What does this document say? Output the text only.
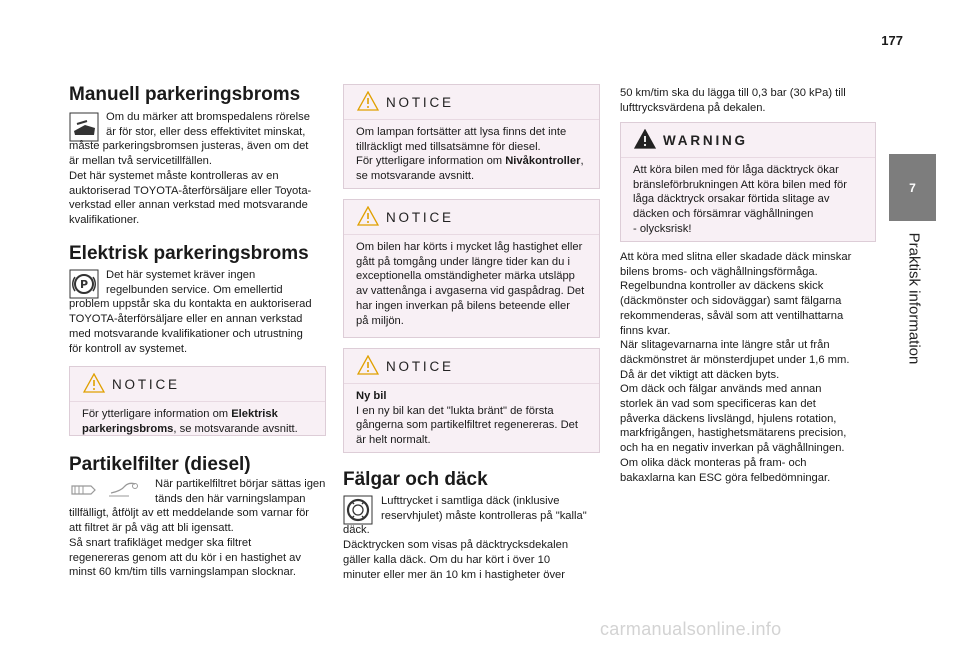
177
7
Praktisk information
Manuell parkeringsbroms

Om du märker att bromspedalens rörelse

är för stor, eller dess effektivitet minskat,

måste parkeringsbromsen justeras, även om det

är mellan två servicetillfällen.

Det här systemet måste kontrolleras av en

auktoriserad TOYOTA-återförsäljare eller Toyota-

verkstad eller annan verkstad med motsvarande

kvalifikationer.

Elektrisk parkeringsbroms
P

Det här systemet kräver ingen

regelbunden service. Om emellertid

problem uppstår ska du kontakta en auktoriserad

TOYOTA-återförsäljare eller en annan verkstad

med motsvarande kvalifikationer och utrustning

för kontroll av systemet.

NOTICE

För ytterligare information om Elektrisk parkeringsbroms, se motsvarande avsnitt.

Partikelfilter (diesel)

När partikelfiltret börjar sättas igen

tänds den här varningslampan

tillfälligt, åtföljt av ett meddelande som varnar för

att filtret är på väg att bli igensatt.

Så snart trafikläget medger ska filtret

regenereras genom att du kör i en hastighet av

minst 60 km/tim tills varningslampan slocknar.

NOTICE

Om lampan fortsätter att lysa finns det inte

tillräckligt med tillsatsämne för diesel.

För ytterligare information om Nivåkontroller,

se motsvarande avsnitt.

NOTICE

Om bilen har körts i mycket låg hastighet eller

gått på tomgång under längre tider kan du i

exceptionella omständigheter märka utsläpp

av vattenånga i avgaserna vid gaspådrag. Det

har ingen inverkan på bilens beteende eller

på miljön.

NOTICE

Ny bil

I en ny bil kan det "lukta bränt" de första

gångerna som partikelfiltret regenereras. Det

är helt normalt.

Fälgar och däck

Lufttrycket i samtliga däck (inklusive

reservhjulet) måste kontrolleras på "kalla"

däck.

Däcktrycken som visas på däcktrycksdekalen

gäller kalla däck. Om du har kört i över 10

minuter eller mer än 10 km i hastigheter över

50 km/tim ska du lägga till 0,3 bar (30 kPa) till

lufttrycksvärdena på dekalen.

WARNING

Att köra bilen med för låga däcktryck ökar

bränsleförbrukningen Att köra bilen med för

låga däcktryck orsakar förtida slitage av

däcken och försämrar väghållningen

- olycksrisk!

Att köra med slitna eller skadade däck minskar

bilens broms- och väghållningsförmåga.

Regelbundna kontroller av däckens skick

(däckmönster och sidoväggar) samt fälgarna

rekommenderas, såväl som att ventilhattarna

finns kvar.

När slitagevarnarna inte längre står ut från

däckmönstret är mönsterdjupet under 1,6 mm.

Då är det viktigt att däcken byts.

Om däck och fälgar används med annan

storlek än vad som specificeras kan det

påverka däckens livslängd, hjulens rotation,

markfrigången, hastighetsmätarens precision,

och ha en negativ inverkan på väghållningen.

Om olika däck monteras på fram- och

bakaxlarna kan ESC göra felbedömningar.

carmanualsonline.info
